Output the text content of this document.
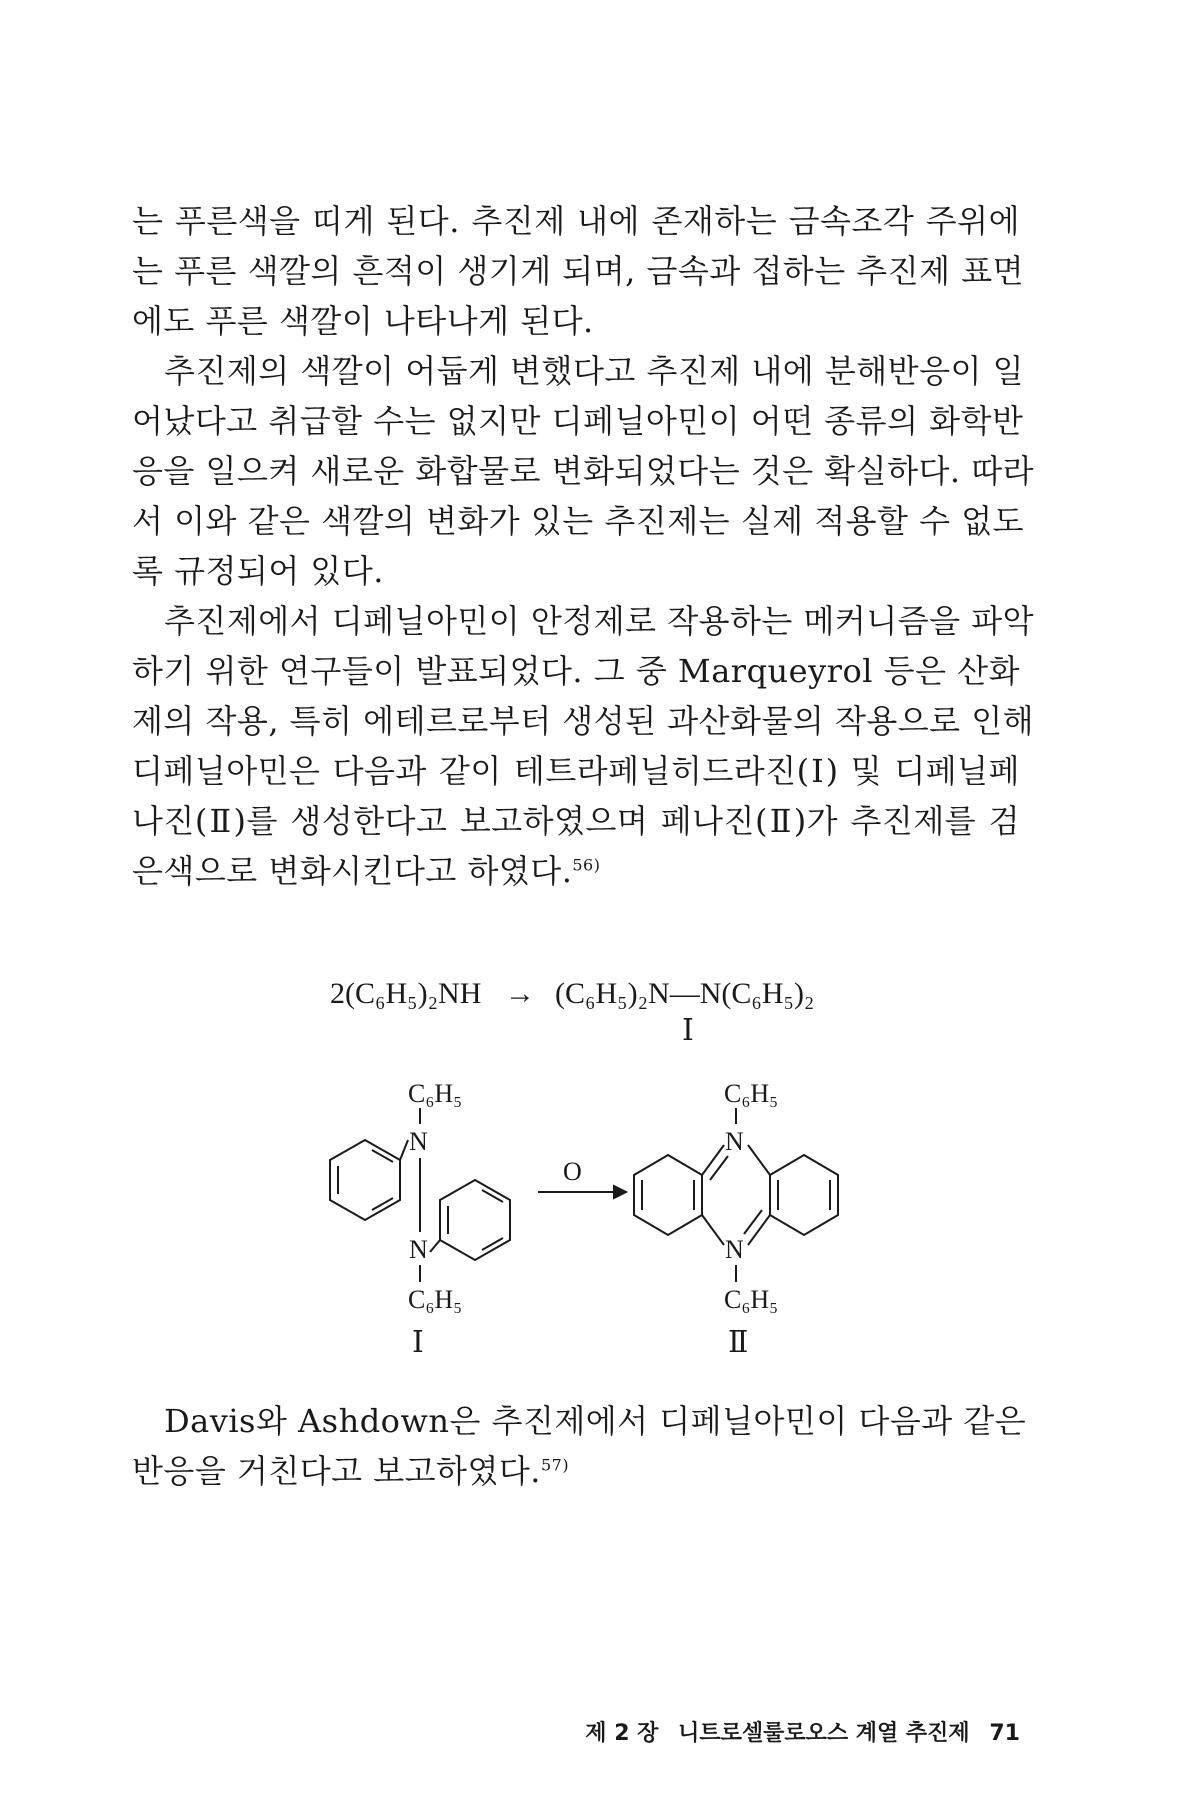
는 푸른색을 띠게 된다. 추진제 내에 존재하는 금속조각 주위에
는 푸른 색깔의 흔적이 생기게 되며, 금속과 접하는 추진제 표면
에도 푸른 색깔이 나타나게 된다.
추진제의 색깔이 어둡게 변했다고 추진제 내에 분해반응이 일
어났다고 취급할 수는 없지만 디페닐아민이 어떤 종류의 화학반
응을 일으켜 새로운 화합물로 변화되었다는 것은 확실하다. 따라
서 이와 같은 색깔의 변화가 있는 추진제는 실제 적용할 수 없도
록 규정되어 있다.
추진제에서 디페닐아민이 안정제로 작용하는 메커니즘을 파악
하기 위한 연구들이 발표되었다. 그 중 Marqueyrol 등은 산화
제의 작용, 특히 에테르로부터 생성된 과산화물의 작용으로 인해
디페닐아민은 다음과 같이 테트라페닐히드라진(Ⅰ) 및 디페닐페
나진(Ⅱ)를 생성한다고 보고하였으며 페나진(Ⅱ)가 추진제를 검
은색으로 변화시킨다고 하였다.$^{56)}$
2(C₆H₅)₂NH → (C₆H₅)₂N—N(C₆H₅)₂
Ⅰ
C₆H₅
N
N
C₆H₅
Ⅰ
O
C₆H₅
N
N
C₆H₅
Ⅱ
Davis와 Ashdown은 추진제에서 디페닐아민이 다음과 같은
반응을 거친다고 보고하였다.$^{57)}$
제 2 장 니트로셀룰로오스 계열 추진제 71
